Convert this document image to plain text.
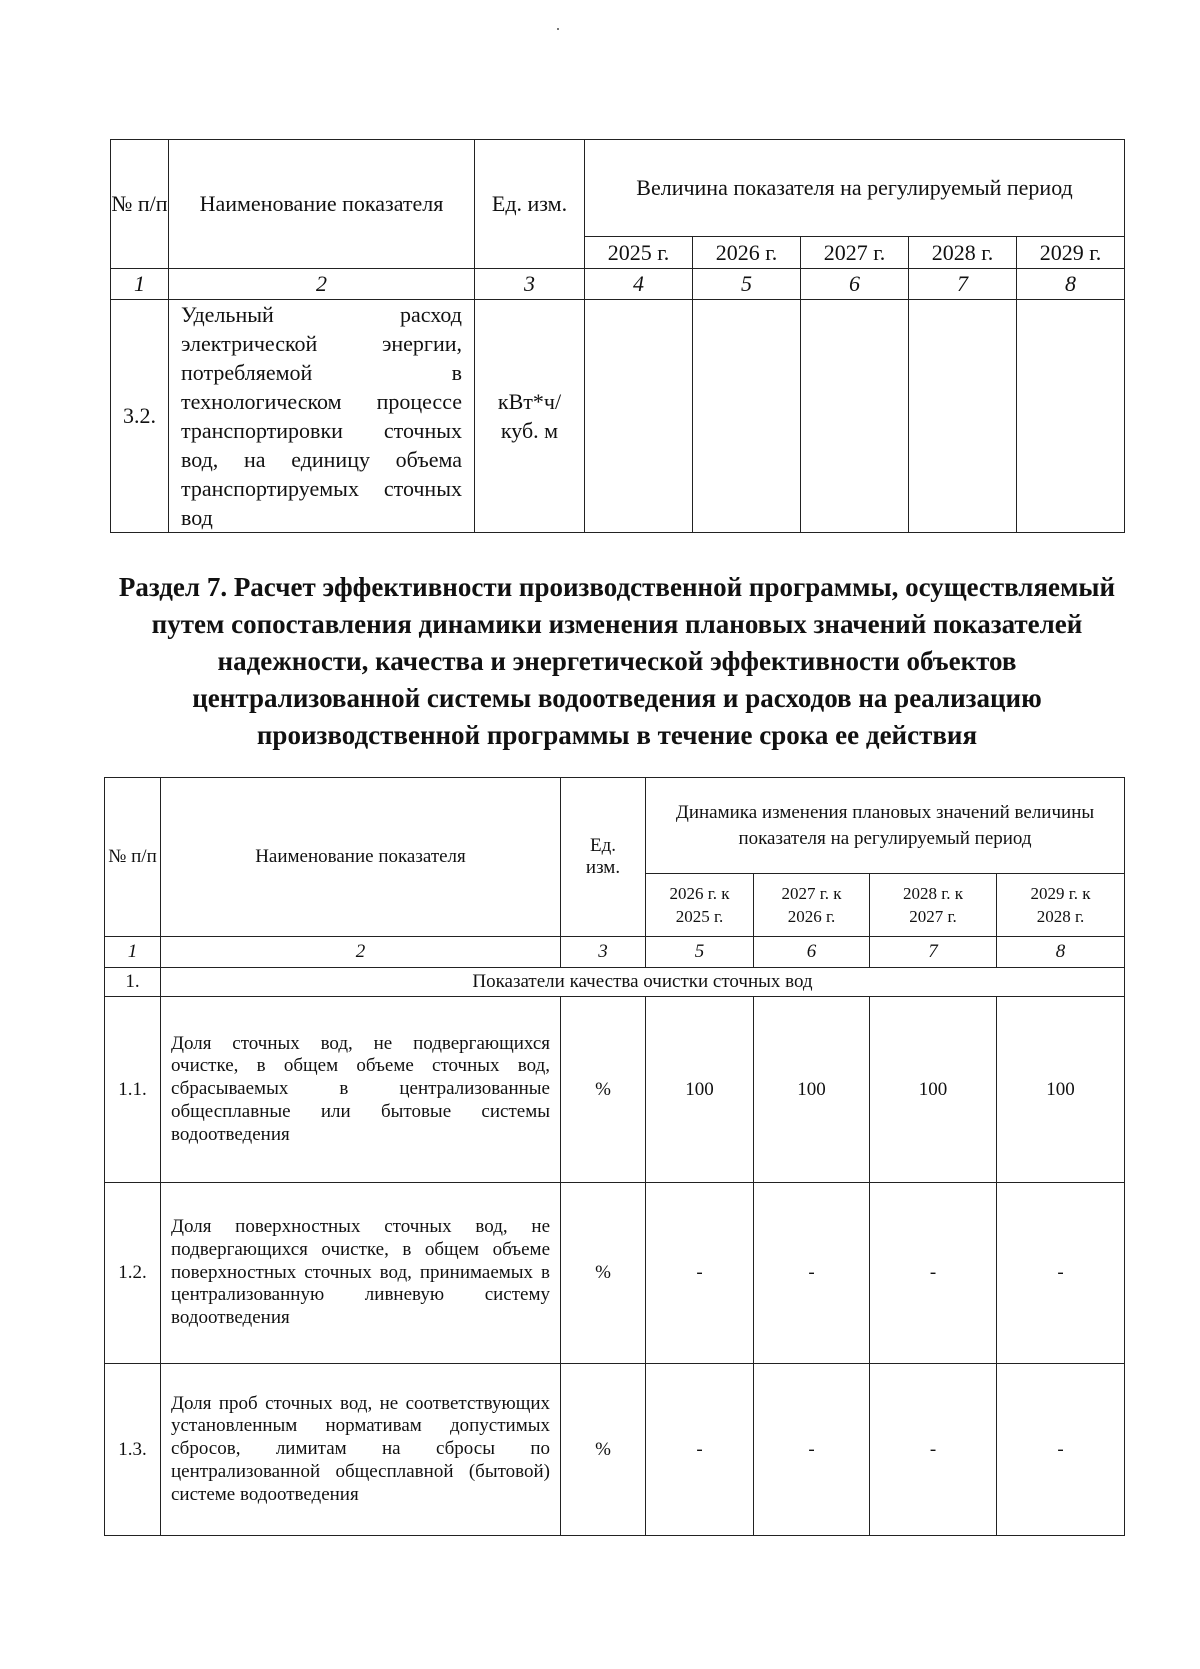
№ п/п	Наименование показателя	Ед. изм.	Величина показателя на регулируемый период				
			2025 г.	2026 г.	2027 г.	2028 г.	2029 г.
1	2	3	4	5	6	7	8
3.2.	Удельный расход электрической энергии, потребляемой в технологическом процессе транспортировки сточных вод, на единицу объема транспортируемых сточных вод	кВт*ч/ куб. м					
Раздел 7. Расчет эффективности производственной программы, осуществляемый путем сопоставления динамики изменения плановых значений показателей надежности, качества и энергетической эффективности объектов централизованной системы водоотведения и расходов на реализацию производственной программы в течение срока ее действия
№ п/п	Наименование показателя	Ед. изм.	Динамика изменения плановых значений величины показателя на регулируемый период			
			2026 г. к 2025 г.	2027 г. к 2026 г.	2028 г. к 2027 г.	2029 г. к 2028 г.
1	2	3	5	6	7	8
1.	Показатели качества очистки сточных вод					
1.1.	Доля сточных вод, не подвергающихся очистке, в общем объеме сточных вод, сбрасываемых в централизованные общесплавные или бытовые системы водоотведения	%	100	100	100	100
1.2.	Доля поверхностных сточных вод, не подвергающихся очистке, в общем объеме поверхностных сточных вод, принимаемых в централизованную ливневую систему водоотведения	%	-	-	-	-
1.3.	Доля проб сточных вод, не соответствующих установленным нормативам допустимых сбросов, лимитам на сбросы по централизованной общесплавной (бытовой) системе водоотведения	%	-	-	-	-
